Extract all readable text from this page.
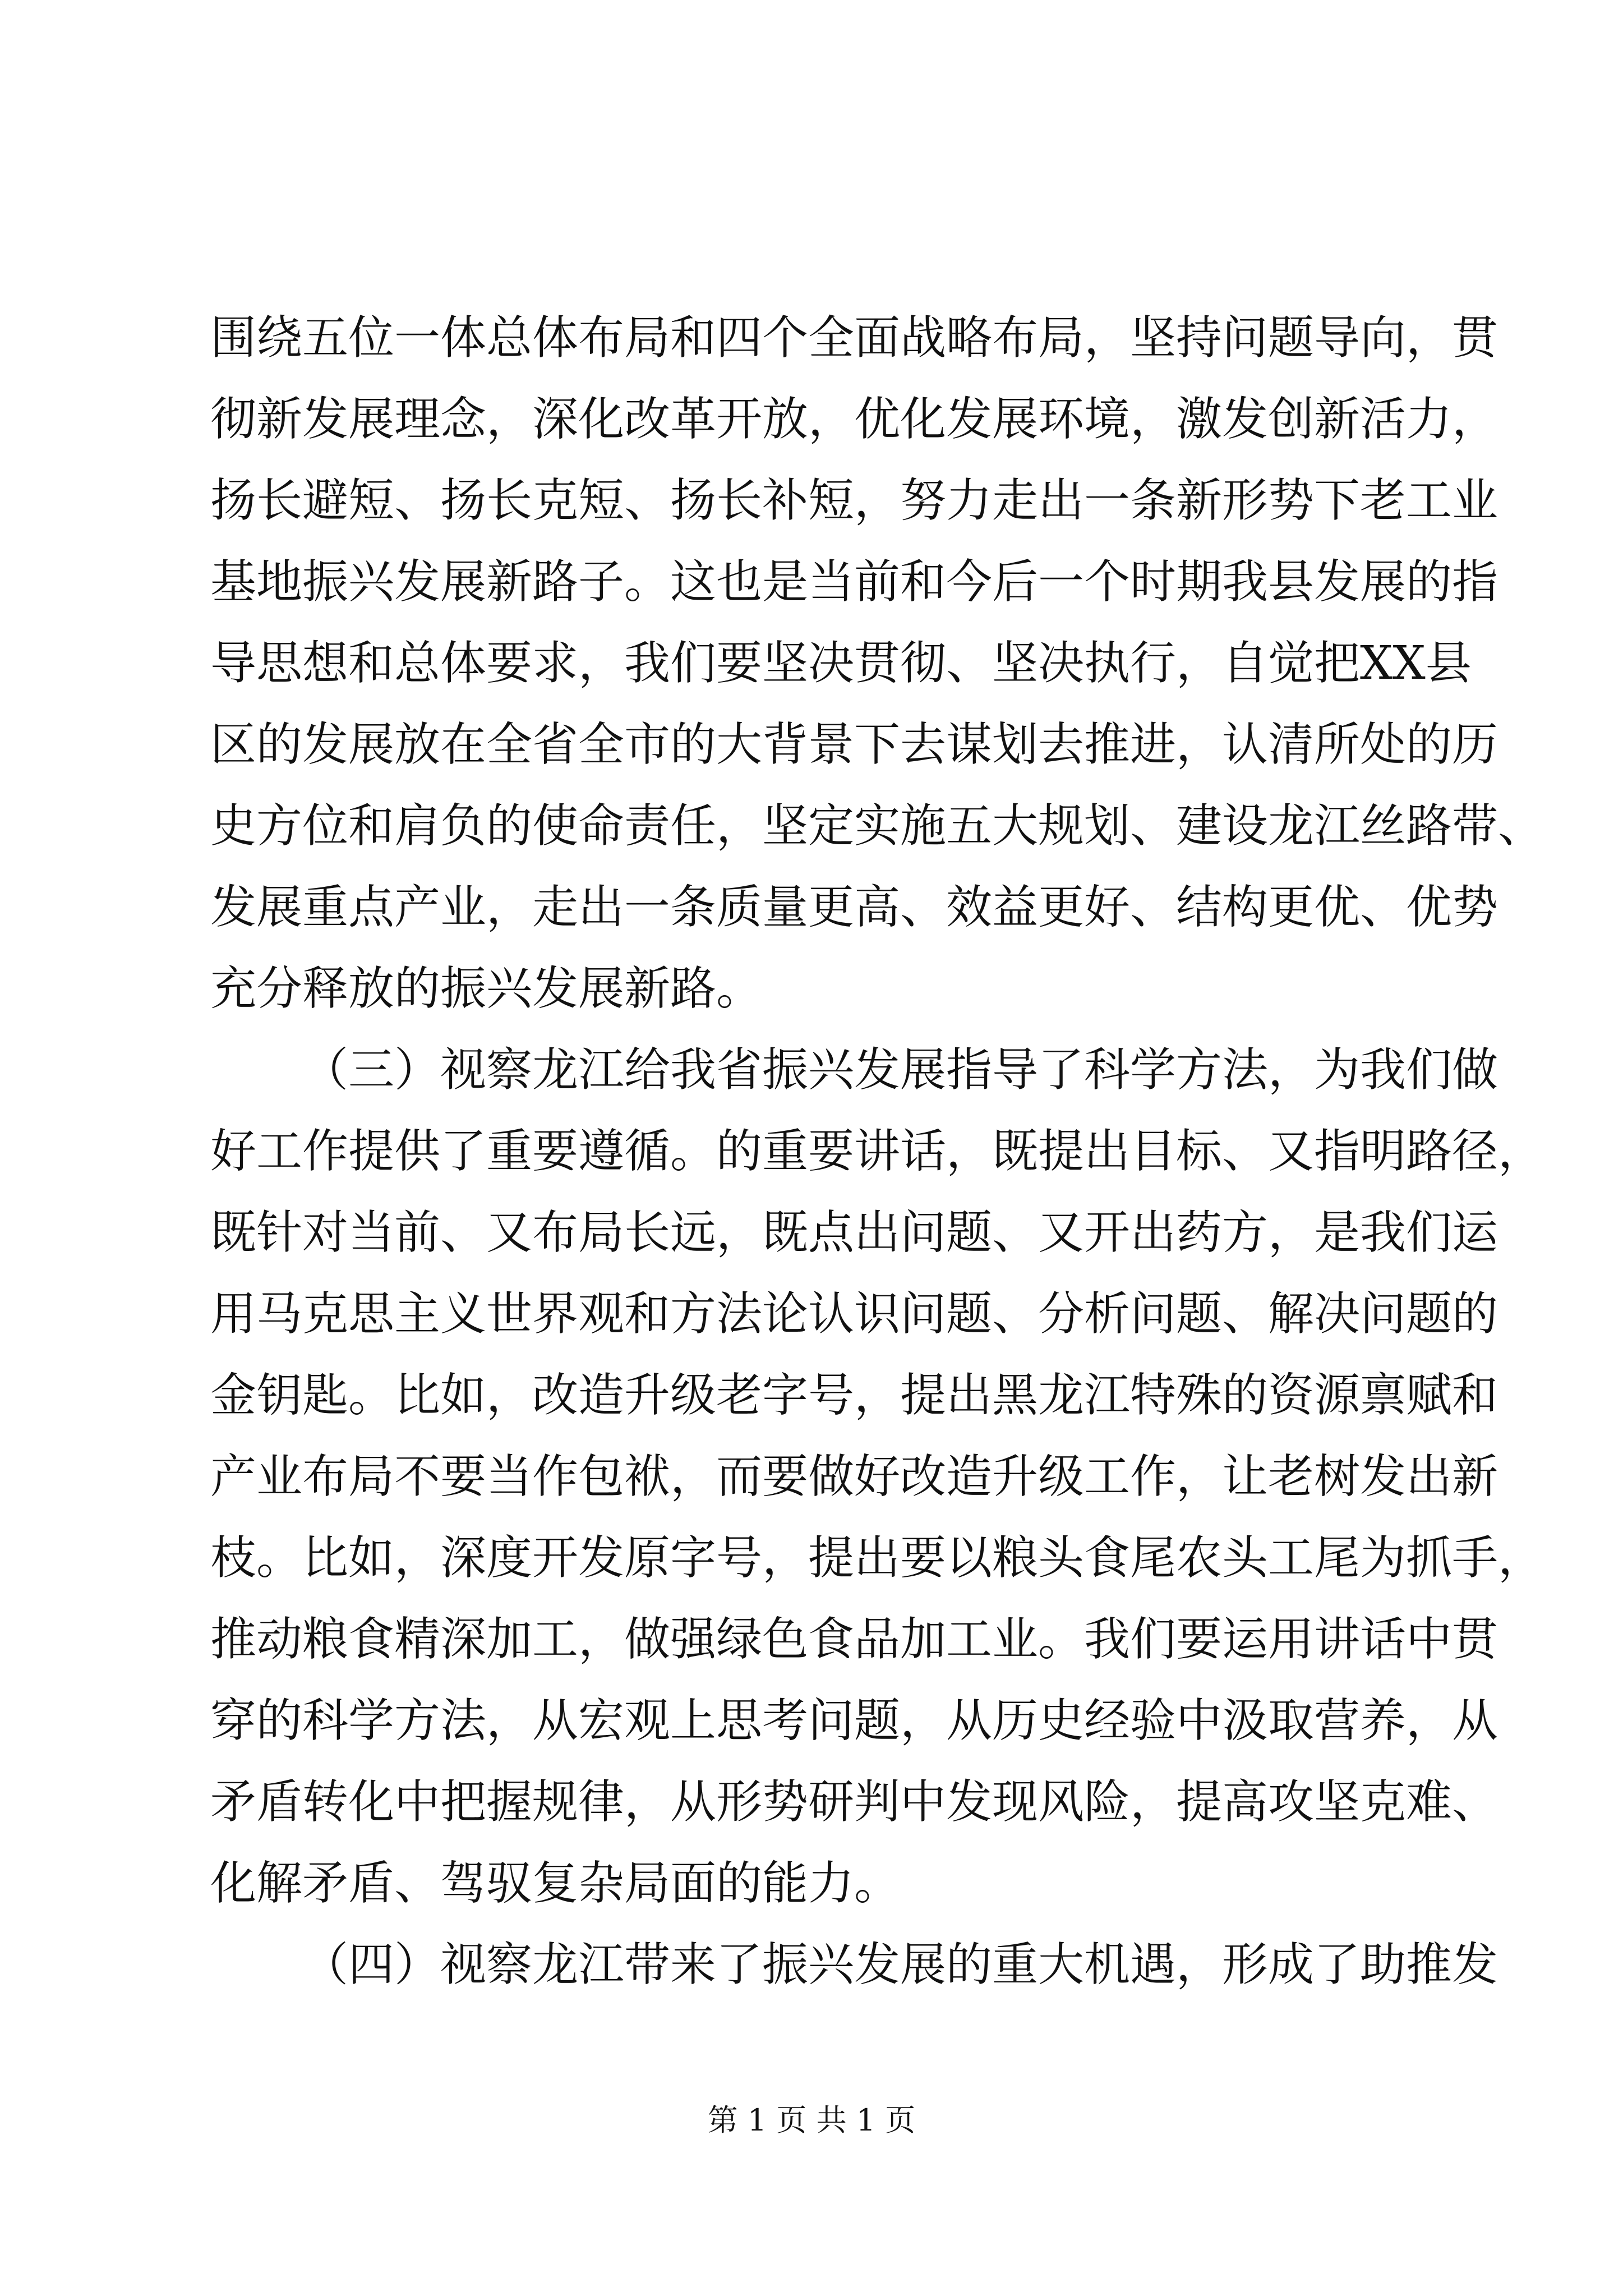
围绕五位一体总体布局和四个全面战略布局，坚持问题导向，贯
彻新发展理念，深化改革开放，优化发展环境，激发创新活力，
扬长避短、扬长克短、扬长补短，努力走出一条新形势下老工业
基地振兴发展新路子。这也是当前和今后一个时期我县发展的指
导思想和总体要求，我们要坚决贯彻、坚决执行，自觉把XX县
区的发展放在全省全市的大背景下去谋划去推进，认清所处的历
史方位和肩负的使命责任，坚定实施五大规划、建设龙江丝路带、
发展重点产业，走出一条质量更高、效益更好、结构更优、优势
充分释放的振兴发展新路。
（三）视察龙江给我省振兴发展指导了科学方法，为我们做
好工作提供了重要遵循。的重要讲话，既提出目标、又指明路径，
既针对当前、又布局长远，既点出问题、又开出药方，是我们运
用马克思主义世界观和方法论认识问题、分析问题、解决问题的
金钥匙。比如，改造升级老字号，提出黑龙江特殊的资源禀赋和
产业布局不要当作包袱，而要做好改造升级工作，让老树发出新
枝。比如，深度开发原字号，提出要以粮头食尾农头工尾为抓手，
推动粮食精深加工，做强绿色食品加工业。我们要运用讲话中贯
穿的科学方法，从宏观上思考问题，从历史经验中汲取营养，从
矛盾转化中把握规律，从形势研判中发现风险，提高攻坚克难、
化解矛盾、驾驭复杂局面的能力。
（四）视察龙江带来了振兴发展的重大机遇，形成了助推发
第 1 页 共 1 页
